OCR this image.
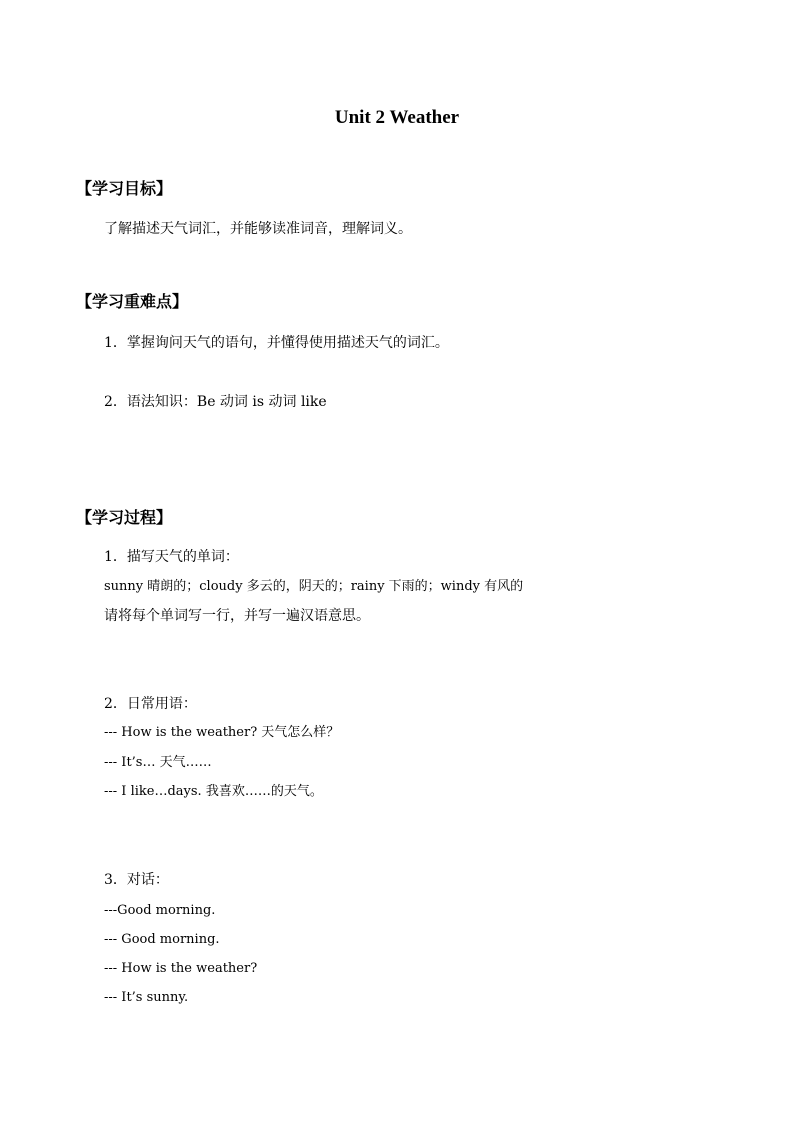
Unit 2 Weather
【学习目标】
了解描述天气词汇，并能够读准词音，理解词义。
【学习重难点】
1．掌握询问天气的语句，并懂得使用描述天气的词汇。
2．语法知识：Be 动词 is 动词 like
【学习过程】
1．描写天气的单词：
sunny 晴朗的；cloudy 多云的，阴天的；rainy 下雨的；windy 有风的
请将每个单词写一行，并写一遍汉语意思。
2．日常用语：
--- How is the weather? 天气怎么样？
--- It’s… 天气……
--- I like…days. 我喜欢……的天气。
3．对话：
---Good morning.
--- Good morning.
--- How is the weather?
--- It’s sunny.
